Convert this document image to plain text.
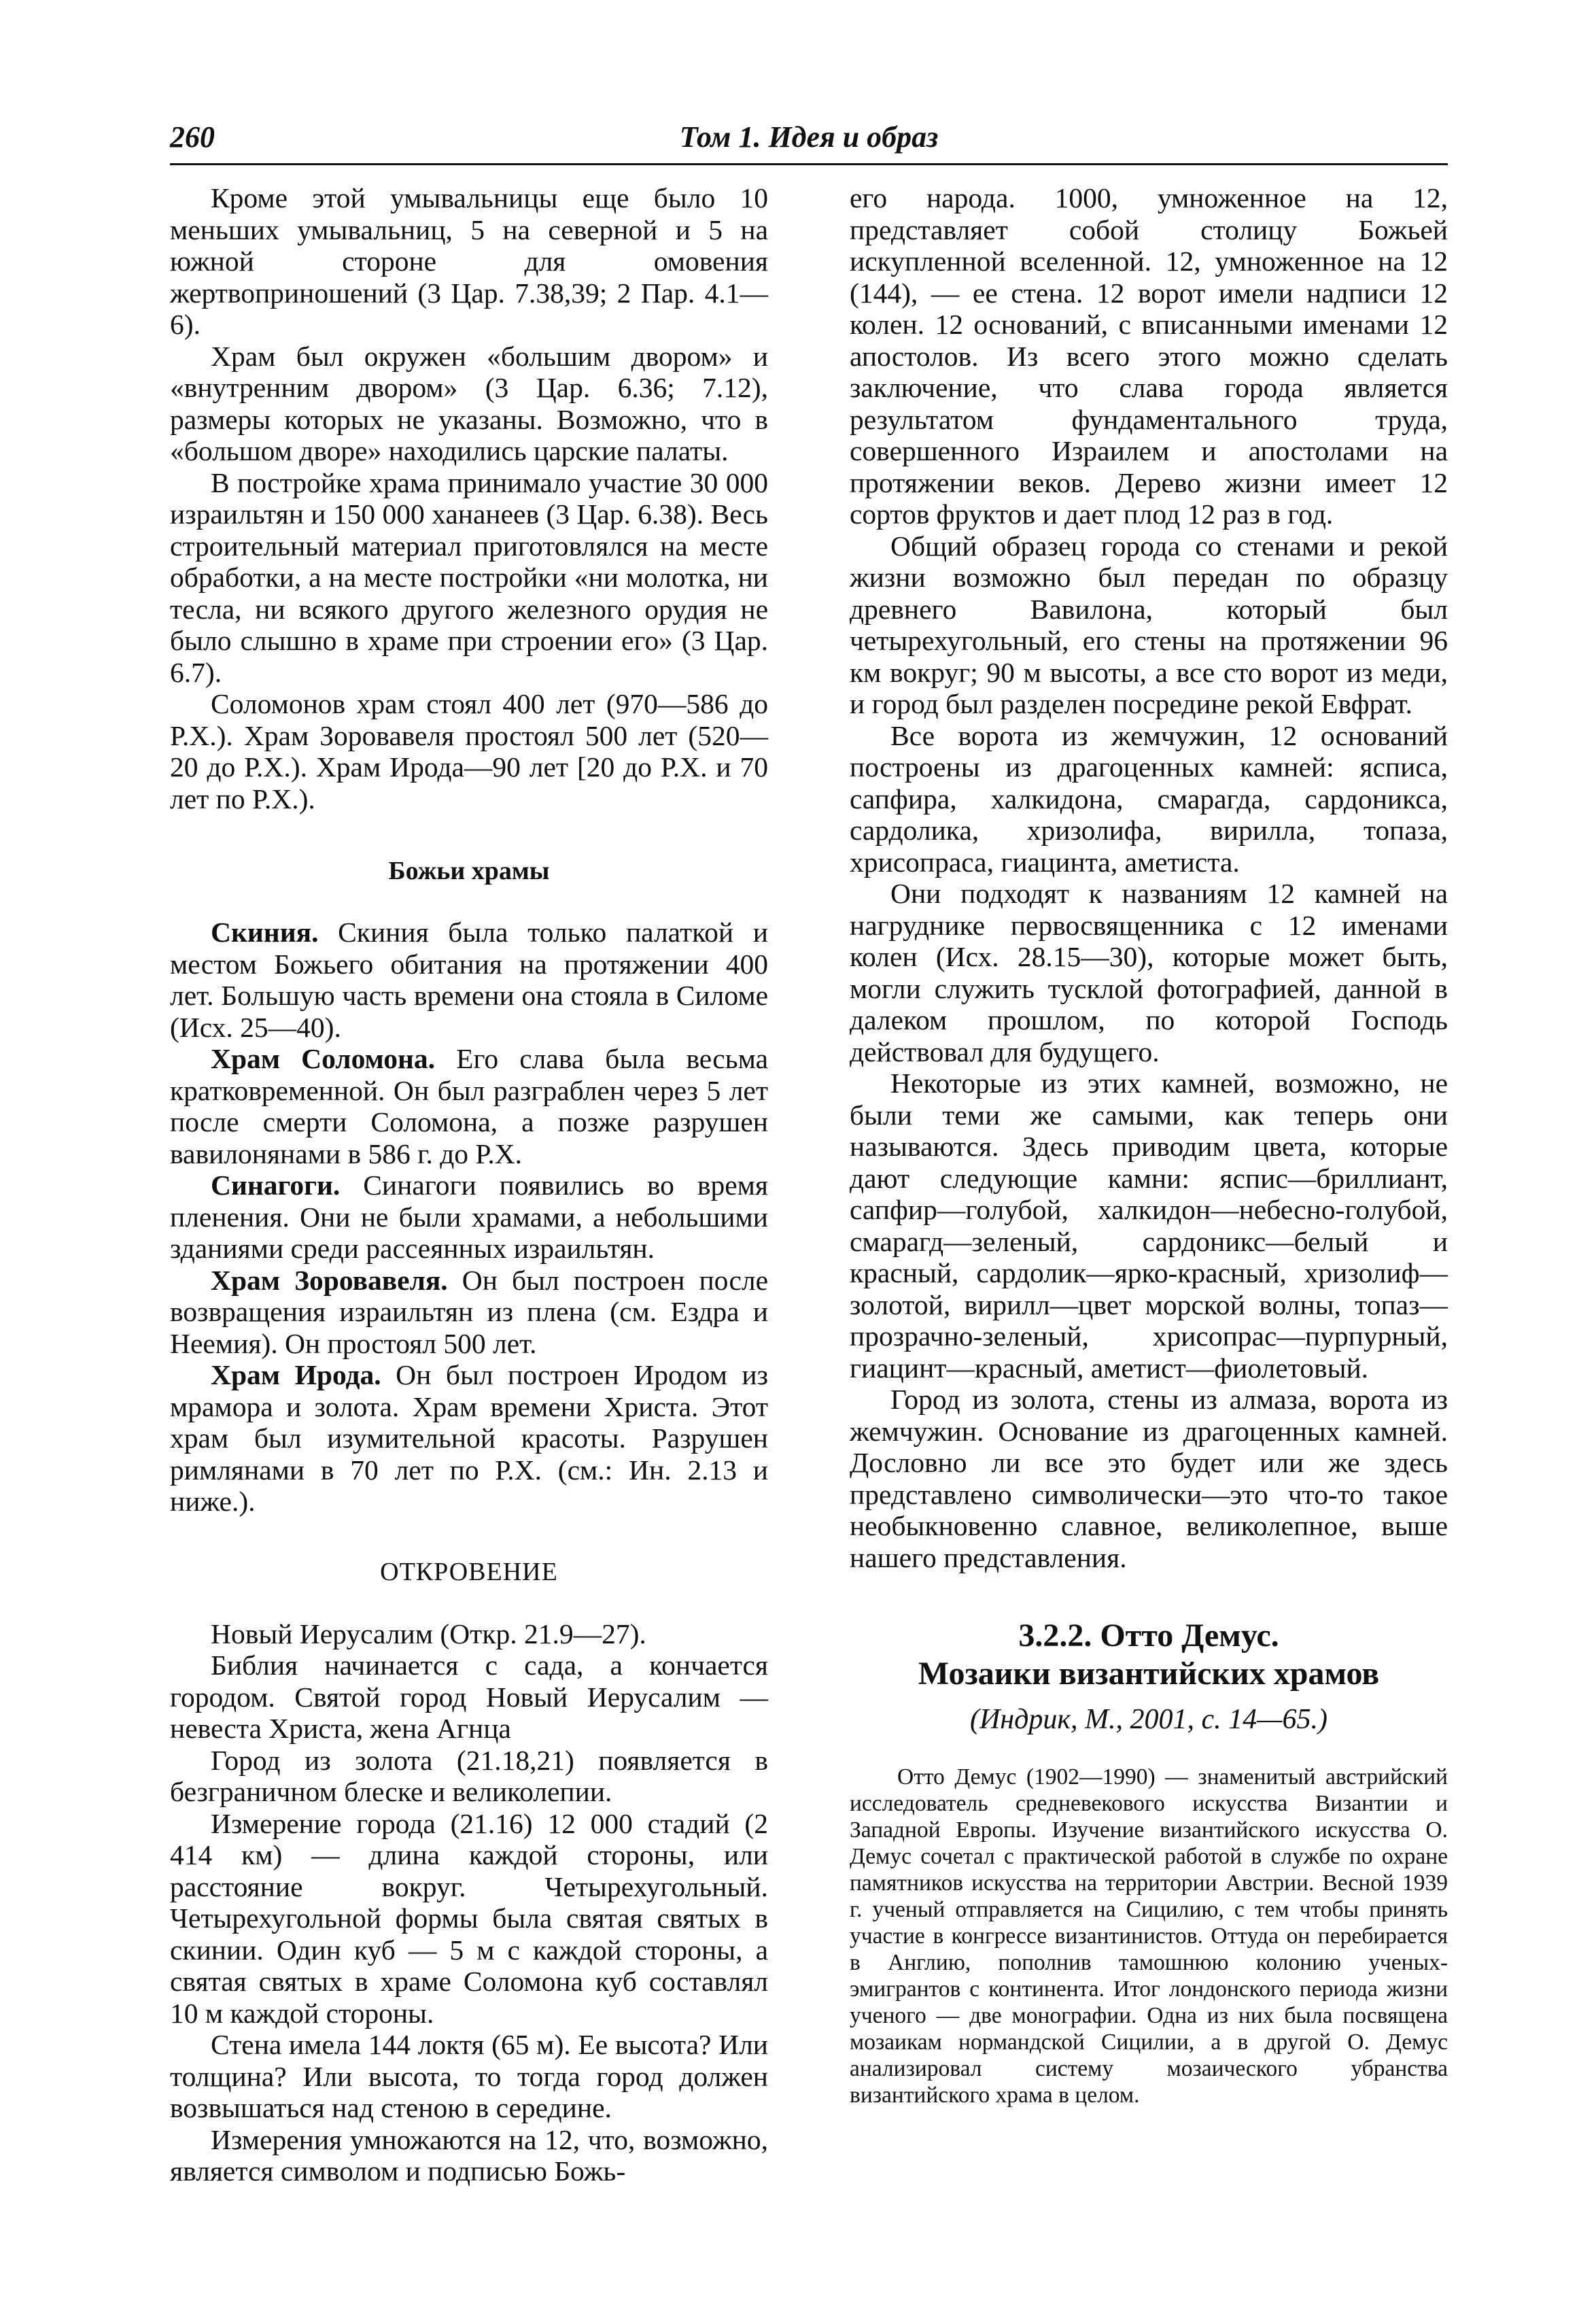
260	Том 1. Идея и образ

Кроме этой умывальницы еще было 10 меньших умывальниц, 5 на северной и 5 на южной стороне для омовения жертвоприношений (3 Цар. 7.38,39; 2 Пар. 4.1—6).

Храм был окружен «большим двором» и «внутренним двором» (3 Цар. 6.36; 7.12), размеры которых не указаны. Возможно, что в «большом дворе» находились царские палаты.

В постройке храма принимало участие 30 000 израильтян и 150 000 хананеев (3 Цар. 6.38). Весь строительный материал приготовлялся на месте обработки, а на месте постройки «ни молотка, ни тесла, ни всякого другого железного орудия не было слышно в храме при строении его» (3 Цар. 6.7).

Соломонов храм стоял 400 лет (970—586 до Р.Х.). Храм Зоровавеля простоял 500 лет (520—20 до Р.Х.). Храм Ирода—90 лет [20 до Р.Х. и 70 лет по Р.Х.).

Божьи храмы

Скиния. Скиния была только палаткой и местом Божьего обитания на протяжении 400 лет. Большую часть времени она стояла в Силоме (Исх. 25—40).

Храм Соломона. Его слава была весьма кратковременной. Он был разграблен через 5 лет после смерти Соломона, а позже разрушен вавилонянами в 586 г. до Р.Х.

Синагоги. Синагоги появились во время пленения. Они не были храмами, а небольшими зданиями среди рассеянных израильтян.

Храм Зоровавеля. Он был построен после возвращения израильтян из плена (см. Ездра и Неемия). Он простоял 500 лет.

Храм Ирода. Он был построен Иродом из мрамора и золота. Храм времени Христа. Этот храм был изумительной красоты. Разрушен римлянами в 70 лет по Р.Х. (см.: Ин. 2.13 и ниже.).

ОТКРОВЕНИЕ

Новый Иерусалим (Откр. 21.9—27).

Библия начинается с сада, а кончается городом. Святой город Новый Иерусалим — невеста Христа, жена Агнца

Город из золота (21.18,21) появляется в безграничном блеске и великолепии.

Измерение города (21.16) 12 000 стадий (2 414 км) — длина каждой стороны, или расстояние вокруг. Четырехугольный. Четырехугольной формы была святая святых в скинии. Один куб — 5 м с каждой стороны, а святая святых в храме Соломона куб составлял 10 м каждой стороны.

Стена имела 144 локтя (65 м). Ее высота? Или толщина? Или высота, то тогда город должен возвышаться над стеною в середине.

Измерения умножаются на 12, что, возможно, является символом и подписью Божь-

его народа. 1000, умноженное на 12, представляет собой столицу Божьей искупленной вселенной. 12, умноженное на 12 (144), — ее стена. 12 ворот имели надписи 12 колен. 12 оснований, с вписанными именами 12 апостолов. Из всего этого можно сделать заключение, что слава города является результатом фундаментального труда, совершенного Израилем и апостолами на протяжении веков. Дерево жизни имеет 12 сортов фруктов и дает плод 12 раз в год.

Общий образец города со стенами и рекой жизни возможно был передан по образцу древнего Вавилона, который был четырехугольный, его стены на протяжении 96 км вокруг; 90 м высоты, а все сто ворот из меди, и город был разделен посредине рекой Евфрат.

Все ворота из жемчужин, 12 оснований построены из драгоценных камней: ясписа, сапфира, халкидона, смарагда, сардоникса, сардолика, хризолифа, вирилла, топаза, хрисопраса, гиацинта, аметиста.

Они подходят к названиям 12 камней на нагруднике первосвященника с 12 именами колен (Исх. 28.15—30), которые может быть, могли служить тусклой фотографией, данной в далеком прошлом, по которой Господь действовал для будущего.

Некоторые из этих камней, возможно, не были теми же самыми, как теперь они называются. Здесь приводим цвета, которые дают следующие камни: яспис—бриллиант, сапфир—голубой, халкидон—небесно-голубой, смарагд—зеленый, сардоникс—белый и красный, сардолик—ярко-красный, хризолиф—золотой, вирилл—цвет морской волны, топаз—прозрачно-зеленый, хрисопрас—пурпурный, гиацинт—красный, аметист—фиолетовый.

Город из золота, стены из алмаза, ворота из жемчужин. Основание из драгоценных камней. Дословно ли все это будет или же здесь представлено символически—это что-то такое необыкновенно славное, великолепное, выше нашего представления.

3.2.2. Отто Демус.
Мозаики византийских храмов
(Индрик, М., 2001, с. 14—65.)

Отто Демус (1902—1990) — знаменитый австрийский исследователь средневекового искусства Византии и Западной Европы. Изучение византийского искусства О. Демус сочетал с практической работой в службе по охране памятников искусства на территории Австрии. Весной 1939 г. ученый отправляется на Сицилию, с тем чтобы принять участие в конгрессе византинистов. Оттуда он перебирается в Англию, пополнив тамошнюю колонию ученых-эмигрантов с континента. Итог лондонского периода жизни ученого — две монографии. Одна из них была посвящена мозаикам нормандской Сицилии, а в другой О. Демус анализировал систему мозаического убранства византийского храма в целом.
